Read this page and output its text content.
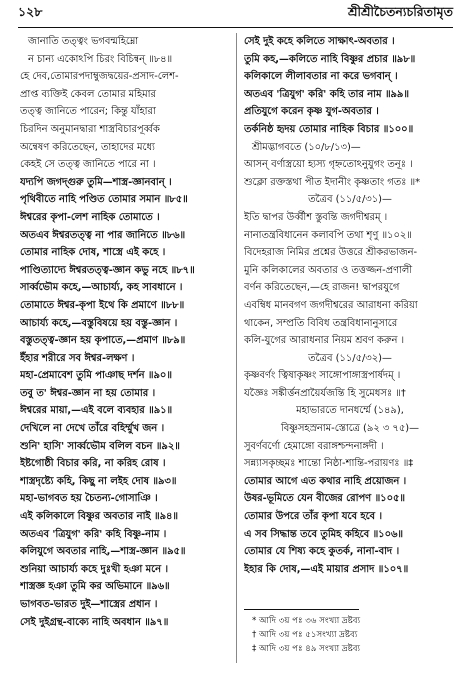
১২৮	শ্রীশ্রীচৈতন্যচরিতামৃত
জানাতি তত্ত্বং ভগবন্মহিম্নো
ন চান্য একোঽপি চিরং বিচিন্বন্ ॥৮৪॥
হে দেব,তোমারপদাম্বুজদ্বয়ের-প্রসাদ-লেশ-
প্রাপ্ত ব্যক্তিই কেবল তোমার মহিমার
তত্ত্ব জানিতে পারেন; কিন্তু যাঁহারা
চিরদিন অনুমানদ্বারা শাস্ত্রবিচারপূর্ব্বক
অন্বেষণ করিতেছেন, তাহাদের মধ্যে
কেহই সে তত্ত্ব জানিতে পারে না ।
যদ্যপি জগদ্গুরু তুমি—শাস্ত্র-জ্ঞানবান্ ।
পৃথিবীতে নাহি পণ্ডিত তোমার সমান ॥৮৫॥
ঈশ্বরের কৃপা-লেশ নাহিক তোমাতে ।
অতএব ঈশ্বরতত্ত্ব না পার জানিতে ॥৮৬॥
তোমার নাহিক দোষ, শাস্ত্রে এই কহে ।
পাণ্ডিত্যাদ্যে ঈশ্বরতত্ত্ব-জ্ঞান কভু নহে ॥৮৭॥
সার্ব্বভৌম কহে,—আচার্য্য, কহ সাবধানে ।
তোমাতে ঈশ্বর-কৃপা ইথে কি প্রমাণে ॥৮৮॥
আচার্য্য কহে,—বস্তুবিষয়ে হয় বস্তু-জ্ঞান ।
বস্তুতত্ত্ব-জ্ঞান হয় কৃপাতে,—প্রমাণ ॥৮৯॥
ইঁহার শরীরে সব ঈশ্বর-লক্ষণ ।
মহা-প্রেমাবেশ তুমি পাঞাছ দর্শন ॥৯০॥
তবু ত' ঈশ্বর-জ্ঞান না হয় তোমার ।
ঈশ্বরের মায়া,—এই বলে ব্যবহার ॥৯১॥
দেখিলে না দেখে তাঁরে বহির্ম্মুখ জন ।
শুনি' হাসি' সার্ব্বভৌম বলিল বচন ॥৯২॥
ইষ্টগোষ্ঠী বিচার করি, না করিহ রোষ ।
শাস্ত্রদৃষ্ট্যে কহি, কিছু না লইহ দোষ ॥৯৩॥
মহা-ভাগবত হয় চৈতন্য-গোসাঞি ।
এই কলিকালে বিষ্ণুর অবতার নাই ॥৯৪॥
অতএব 'ত্রিযুগ' করি' কহি বিষ্ণু-নাম ।
কলিযুগে অবতার নাহি,—শাস্ত্র-জ্ঞান ॥৯৫॥
শুনিয়া আচার্য্য কহে দুঃখী হঞা মনে ।
শাস্ত্রজ্ঞ হঞা তুমি কর অভিমানে ॥৯৬॥
ভাগবত-ভারত দুই—শাস্ত্রের প্রধান ।
সেই দুইগ্রন্থ-বাক্যে নাহি অবধান ॥৯৭॥
সেই দুই কহে কলিতে সাক্ষাৎ-অবতার ।
তুমি কহ,—কলিতে নাহি বিষ্ণুর প্রচার ॥৯৮॥
কলিকালে লীলাবতার না করে ভগবান্ ।
অতএব 'ত্রিযুগ' করি' কহি তার নাম ॥৯৯॥
প্রতিযুগে করেন কৃষ্ণ যুগ-অবতার ।
তর্কনিষ্ঠ হৃদয় তোমার নাহিক বিচার ॥১০০॥
শ্রীমদ্ভাগবতে (১০/৮/১৩)—
আসন্ বর্ণাস্ত্রয়ো হ্যস্য গৃহ্নতোঽনুযুগং তনূঃ ।
শুক্লো রক্তস্তথা পীত ইদানীং কৃষ্ণতাং গতঃ ॥*
তত্রৈব (১১/৫/৩১)—
ইতি দ্বাপর উর্ব্বীশ স্তুবন্তি জগদীশ্বরম্ ।
নানাতন্ত্রবিধানেন কলাবপি তথা শৃণু ॥১০২॥
বিদেহরাজ নিমির প্রশ্নের উত্তরে শ্রীকরভাজন-
মুনি কলিকালের অবতার ও তত্তজ্জন-প্রণালী
বর্ণন করিতেছেন,—হে রাজন! দ্বাপরযুগে
এবম্বিধ মানবগণ জগদীশ্বরের আরাধনা করিয়া
থাকেন, সম্প্রতি বিবিধ তন্ত্রবিধানানুসারে
কলি-যুগের আরাধনার নিয়ম শ্রবণ করুন ।
তত্রৈব (১১/৫/৩২)—
কৃষ্ণবর্ণং ত্বিষাকৃষ্ণং সাঙ্গোপাঙ্গাস্ত্রপার্ষদম্ ।
যজ্ঞৈঃ সঙ্কীর্ত্তনপ্রায়ৈর্যজন্তি হি সুমেধসঃ ॥†
মহাভারতে দানধর্ম্মে (১৪৯),
বিষ্ণুসহস্রনাম-স্তোত্রে (৯২ ৩ ৭৫)—
সুবর্ণবর্ণো হেমাঙ্গো বরাঙ্গশ্চন্দনাঙ্গদী ।
সন্ন্যাসকৃচ্ছমঃ শান্তো নিষ্ঠা-শান্তি-পরায়ণঃ ॥‡
তোমার আগে এত কথার নাহি প্রয়োজন ।
উষর-ভূমিতে যেন বীজের রোপণ ॥১০৫॥
তোমার উপরে তাঁর কৃপা যবে হবে ।
এ সব সিদ্ধান্ত তবে তুমিহ কহিবে ॥১০৬॥
তোমার যে শিষ্য কহে কুতর্ক, নানা-বাদ ।
ইহার কি দোষ,—এই মায়ার প্রসাদ ॥১০৭॥
* আদি ৩য় পঃ ৩৬ সংখ্যা দ্রষ্টব্য
† আদি ৩য় পঃ ৫১সংখ্যা দ্রষ্টব্য
‡ আদি ৩য় পঃ ৪৯ সংখ্যা দ্রষ্টব্য
